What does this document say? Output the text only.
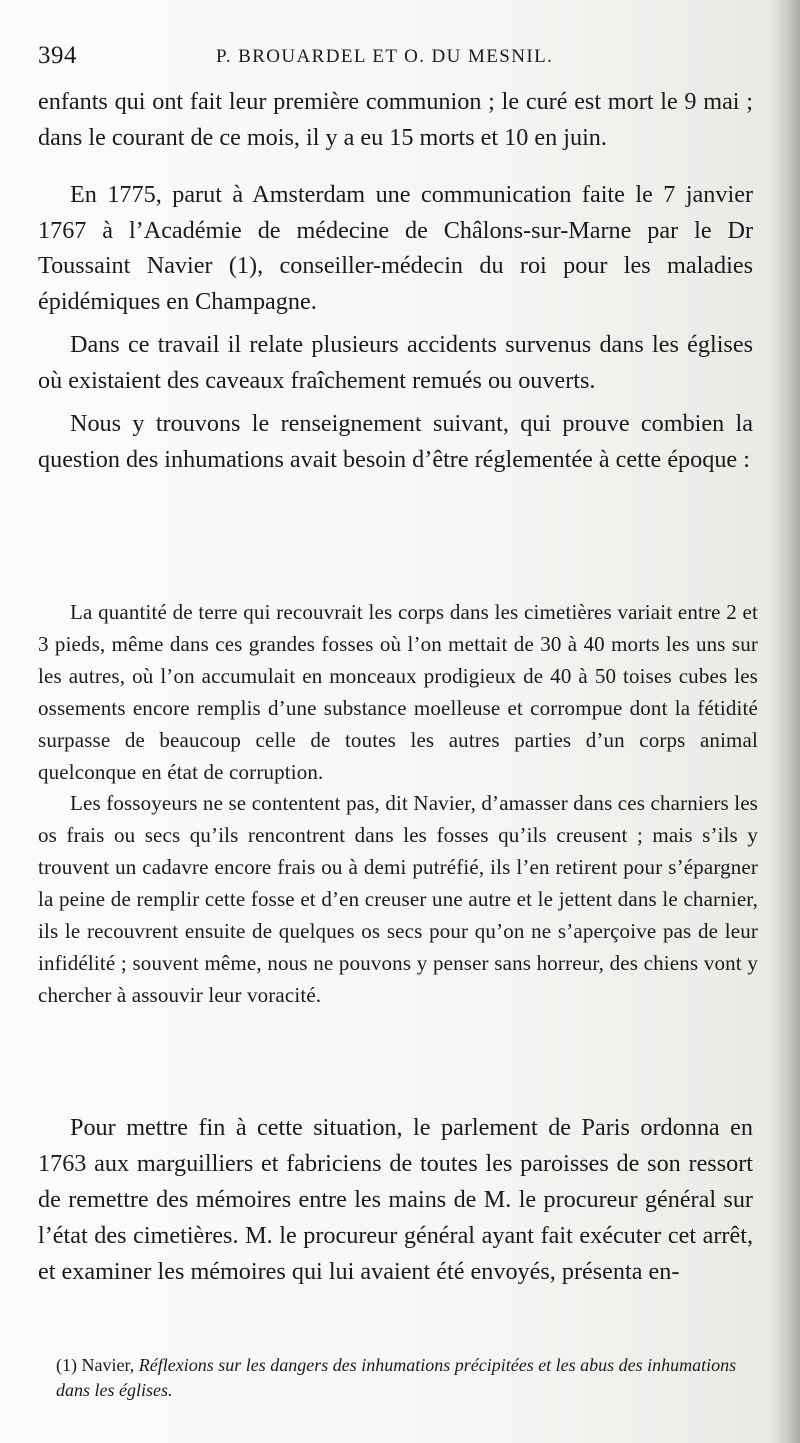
394	P. BROUARDEL ET O. DU MESNIL.

enfants qui ont fait leur première communion ; le curé est mort le 9 mai ; dans le courant de ce mois, il y a eu 15 morts et 10 en juin.

En 1775, parut à Amsterdam une communication faite le 7 janvier 1767 à l’Académie de médecine de Châlons-sur-Marne par le Dr Toussaint Navier (1), conseiller-médecin du roi pour les maladies épidémiques en Champagne.

Dans ce travail il relate plusieurs accidents survenus dans les églises où existaient des caveaux fraîchement remués ou ouverts.

Nous y trouvons le renseignement suivant, qui prouve combien la question des inhumations avait besoin d’être réglementée à cette époque :

La quantité de terre qui recouvrait les corps dans les cimetières variait entre 2 et 3 pieds, même dans ces grandes fosses où l’on mettait de 30 à 40 morts les uns sur les autres, où l’on accumulait en monceaux prodigieux de 40 à 50 toises cubes les ossements encore remplis d’une substance moelleuse et corrompue dont la fétidité surpasse de beaucoup celle de toutes les autres parties d’un corps animal quelconque en état de corruption.

Les fossoyeurs ne se contentent pas, dit Navier, d’amasser dans ces charniers les os frais ou secs qu’ils rencontrent dans les fosses qu’ils creusent ; mais s’ils y trouvent un cadavre encore frais ou à demi putréfié, ils l’en retirent pour s’épargner la peine de remplir cette fosse et d’en creuser une autre et le jettent dans le charnier, ils le recouvrent ensuite de quelques os secs pour qu’on ne s’aperçoive pas de leur infidélité ; souvent même, nous ne pouvons y penser sans horreur, des chiens vont y chercher à assouvir leur voracité.

Pour mettre fin à cette situation, le parlement de Paris ordonna en 1763 aux marguilliers et fabriciens de toutes les paroisses de son ressort de remettre des mémoires entre les mains de M. le procureur général sur l’état des cimetières. M. le procureur général ayant fait exécuter cet arrêt, et examiner les mémoires qui lui avaient été envoyés, présenta en-

(1) Navier, Réflexions sur les dangers des inhumations précipitées et les abus des inhumations dans les églises.
